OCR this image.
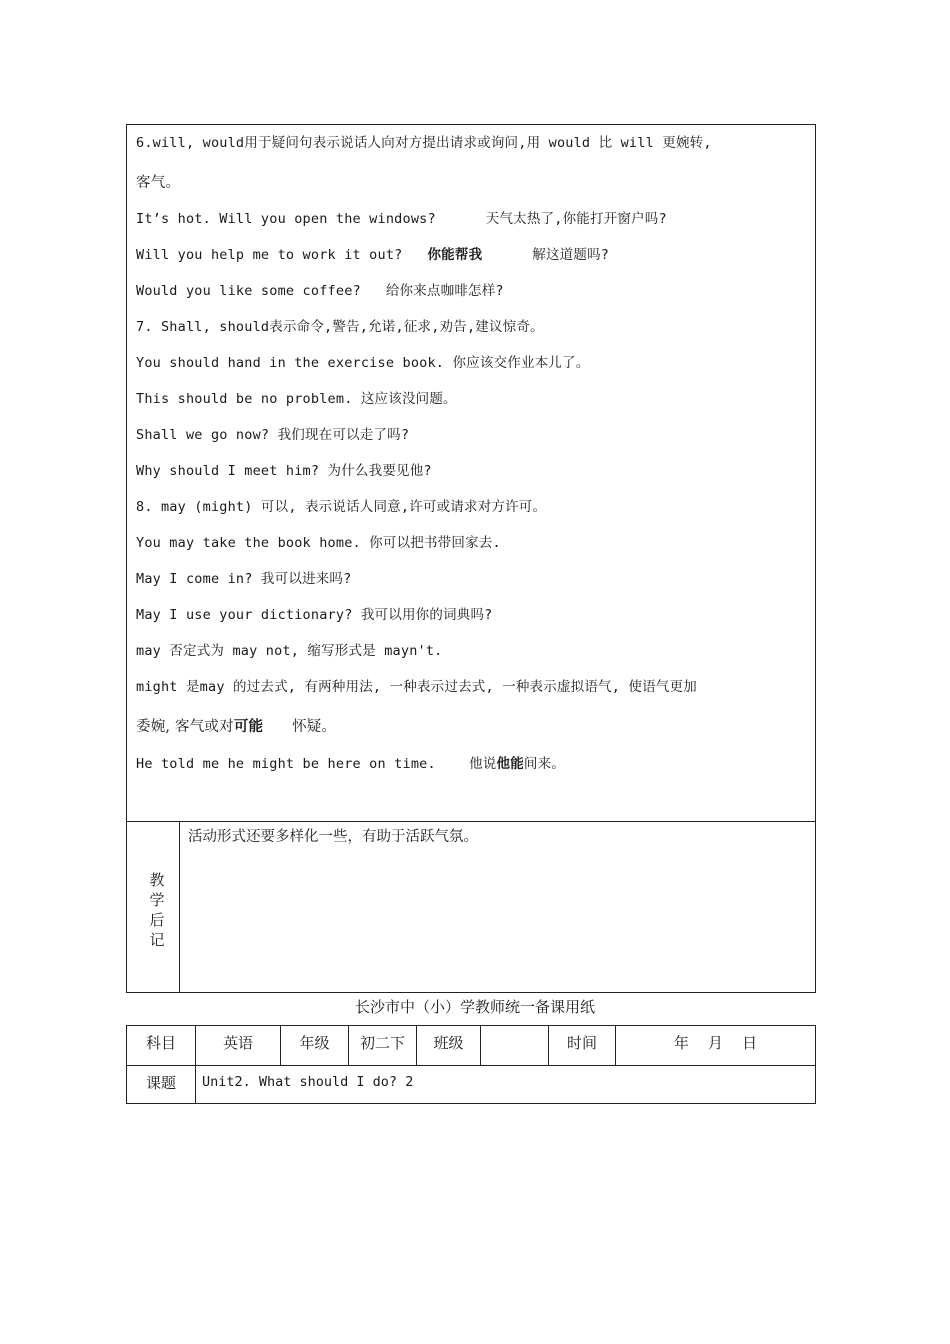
6.will, would用于疑问句表示说话人向对方提出请求或询问,用 would 比 will 更婉转,
客气。
It’s hot. Will you open the windows?      天气太热了,你能打开窗户吗?
Will you help me to work it out?   你能帮我      解这道题吗?
Would you like some coffee?   给你来点咖啡怎样?
7. Shall, should表示命令,警告,允诺,征求,劝告,建议惊奇。
You should hand in the exercise book. 你应该交作业本儿了。
This should be no problem. 这应该没问题。
Shall we go now? 我们现在可以走了吗?
Why should I meet him? 为什么我要见他?
8. may (might) 可以, 表示说话人同意,许可或请求对方许可。
You may take the book home. 你可以把书带回家去.
May I come in? 我可以进来吗?
May I use your dictionary? 我可以用你的词典吗?
may 否定式为 may not, 缩写形式是 mayn't.
might 是may 的过去式, 有两种用法, 一种表示过去式, 一种表示虚拟语气, 使语气更加
委婉, 客气或对可能      怀疑。
He told me he might be here on time.    他说他能间来。
教学后记
活动形式还要多样化一些，有助于活跃气氛。
长沙市中（小）学教师统一备课用纸
科目	英语	年级	初二下	班级		时间	年    月    日
课题	Unit2. What should I do? 2						
